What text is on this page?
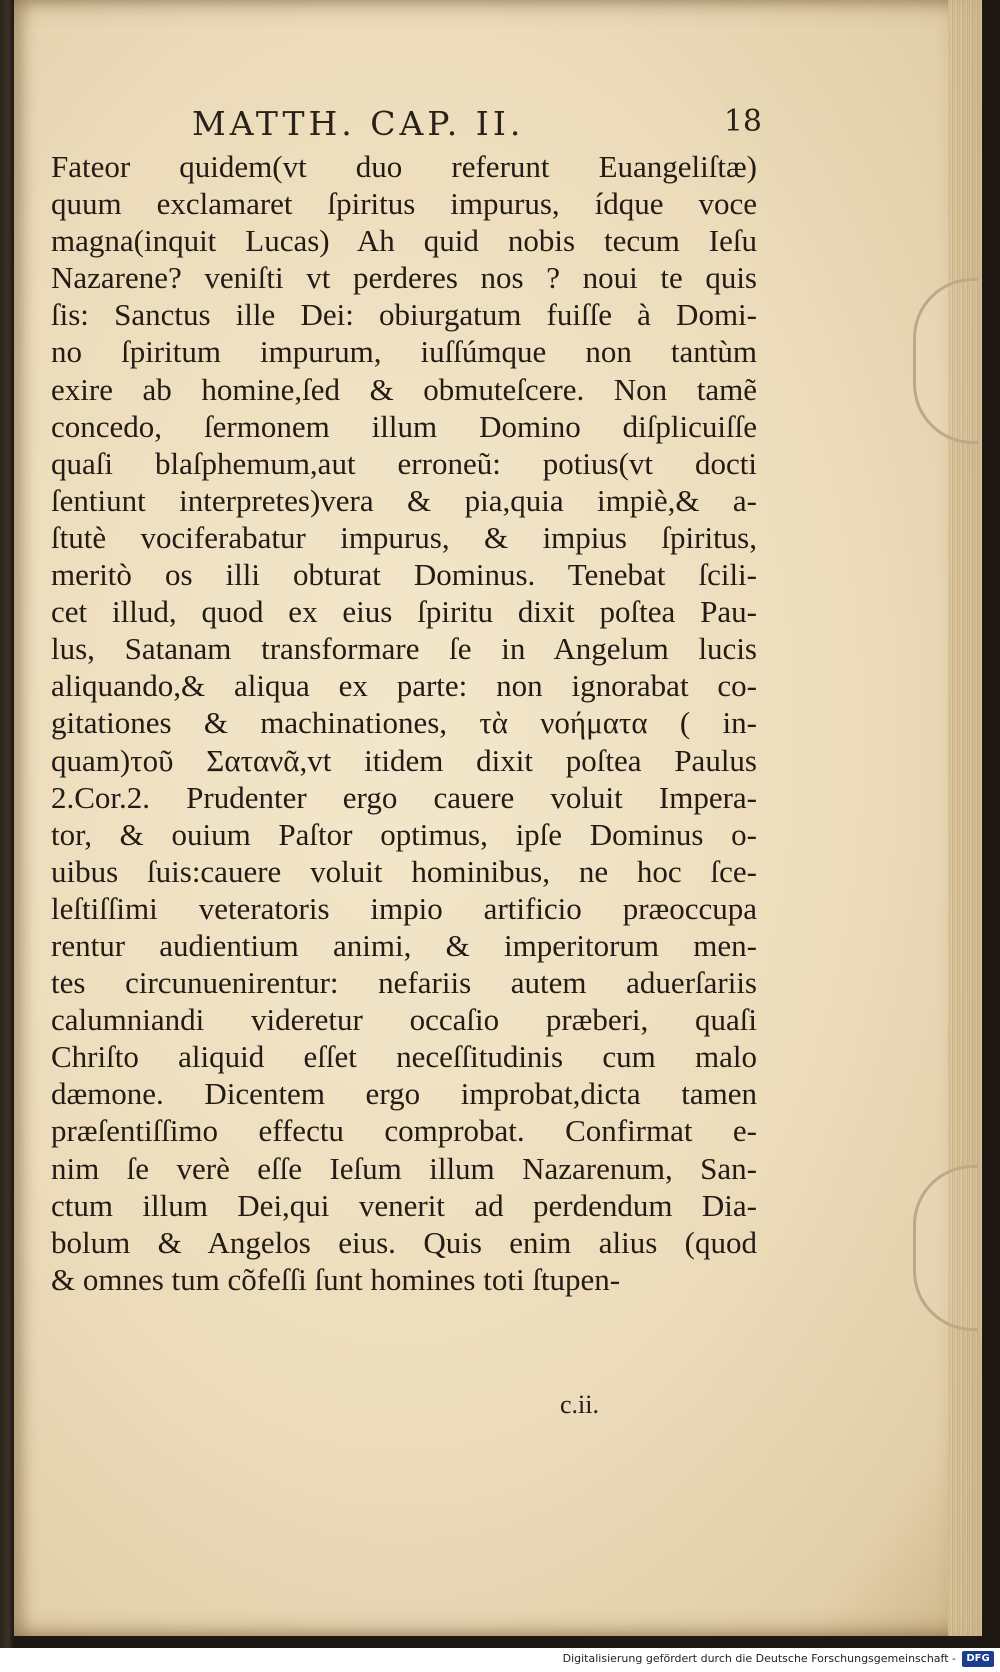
MATTH. CAP. II.	18
Fateor quidem(vt duo referunt Euangeliſtæ)
quum exclamaret ſpiritus impurus, ídque voce
magna(inquit Lucas) Ah quid nobis tecum Ieſu
Nazarene? veniſti vt perderes nos ? noui te quis
ſis: Sanctus ille Dei: obiurgatum fuiſſe à Domi-
no ſpiritum impurum, iuſſúmque non tantùm
exire ab homine,ſed & obmuteſcere. Non tamẽ
concedo, ſermonem illum Domino diſplicuiſſe
quaſi blaſphemum,aut erroneũ: potius(vt docti
ſentiunt interpretes)vera & pia,quia impiè,& a-
ſtutè vociferabatur impurus, & impius ſpiritus,
meritò os illi obturat Dominus. Tenebat ſcili-
cet illud, quod ex eius ſpiritu dixit poſtea Pau-
lus, Satanam transformare ſe in Angelum lucis
aliquando,& aliqua ex parte: non ignorabat co-
gitationes & machinationes, τὰ νοήματα ( in-
quam)τοῦ Σατανᾶ,vt itidem dixit poſtea Paulus
2.Cor.2. Prudenter ergo cauere voluit Impera-
tor, & ouium Paſtor optimus, ipſe Dominus o-
uibus ſuis:cauere voluit hominibus, ne hoc ſce-
leſtiſſimi veteratoris impio artificio præoccupa
rentur audientium animi, & imperitorum men-
tes circunuenirentur: nefariis autem aduerſariis
calumniandi videretur occaſio præberi, quaſi
Chriſto aliquid eſſet neceſſitudinis cum malo
dæmone. Dicentem ergo improbat,dicta tamen
præſentiſſimo effectu comprobat. Confirmat e-
nim ſe verè eſſe Ieſum illum Nazarenum, San-
ctum illum Dei,qui venerit ad perdendum Dia-
bolum & Angelos eius. Quis enim alius (quod
& omnes tum cõfeſſi ſunt homines toti ſtupen-
c.ii.
Digitalisierung gefördert durch die Deutsche Forschungsgemeinschaft -	DFG
